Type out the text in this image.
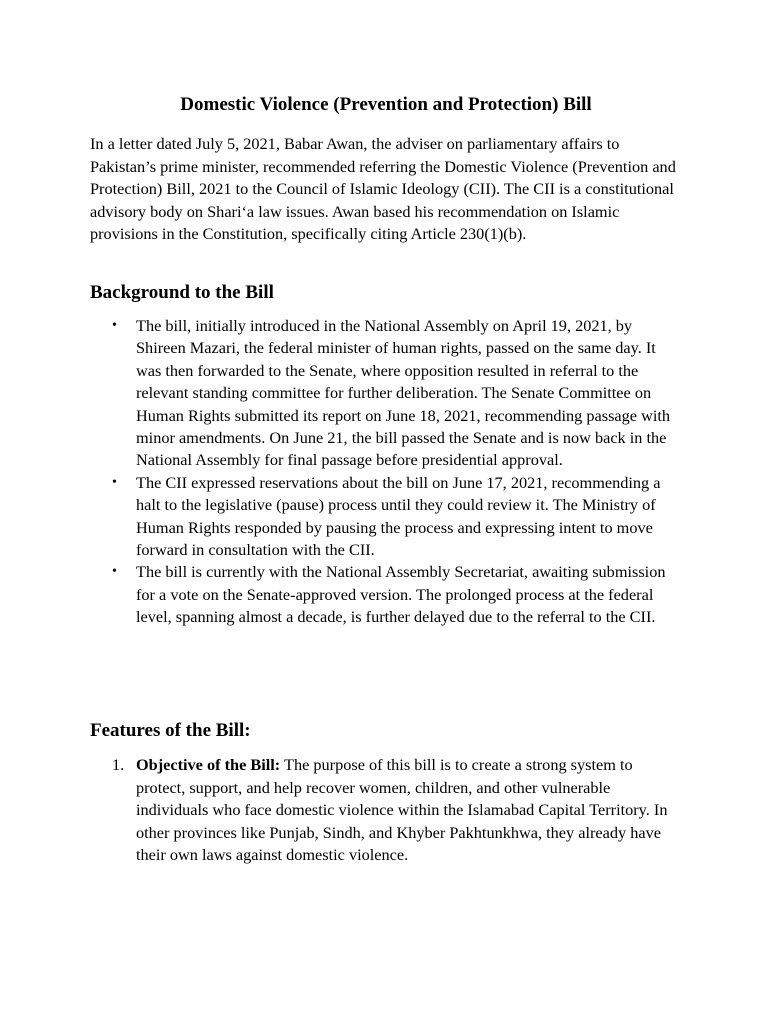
Domestic Violence (Prevention and Protection) Bill

In a letter dated July 5, 2021, Babar Awan, the adviser on parliamentary affairs to Pakistan’s prime minister, recommended referring the Domestic Violence (Prevention and Protection) Bill, 2021 to the Council of Islamic Ideology (CII). The CII is a constitutional advisory body on Shari‘a law issues. Awan based his recommendation on Islamic provisions in the Constitution, specifically citing Article 230(1)(b).

Background to the Bill
• The bill, initially introduced in the National Assembly on April 19, 2021, by Shireen Mazari, the federal minister of human rights, passed on the same day. It was then forwarded to the Senate, where opposition resulted in referral to the relevant standing committee for further deliberation. The Senate Committee on Human Rights submitted its report on June 18, 2021, recommending passage with minor amendments. On June 21, the bill passed the Senate and is now back in the National Assembly for final passage before presidential approval.
• The CII expressed reservations about the bill on June 17, 2021, recommending a halt to the legislative (pause) process until they could review it. The Ministry of Human Rights responded by pausing the process and expressing intent to move forward in consultation with the CII.
• The bill is currently with the National Assembly Secretariat, awaiting submission for a vote on the Senate-approved version. The prolonged process at the federal level, spanning almost a decade, is further delayed due to the referral to the CII.
Features of the Bill:
1. Objective of the Bill: The purpose of this bill is to create a strong system to protect, support, and help recover women, children, and other vulnerable individuals who face domestic violence within the Islamabad Capital Territory. In other provinces like Punjab, Sindh, and Khyber Pakhtunkhwa, they already have their own laws against domestic violence.
